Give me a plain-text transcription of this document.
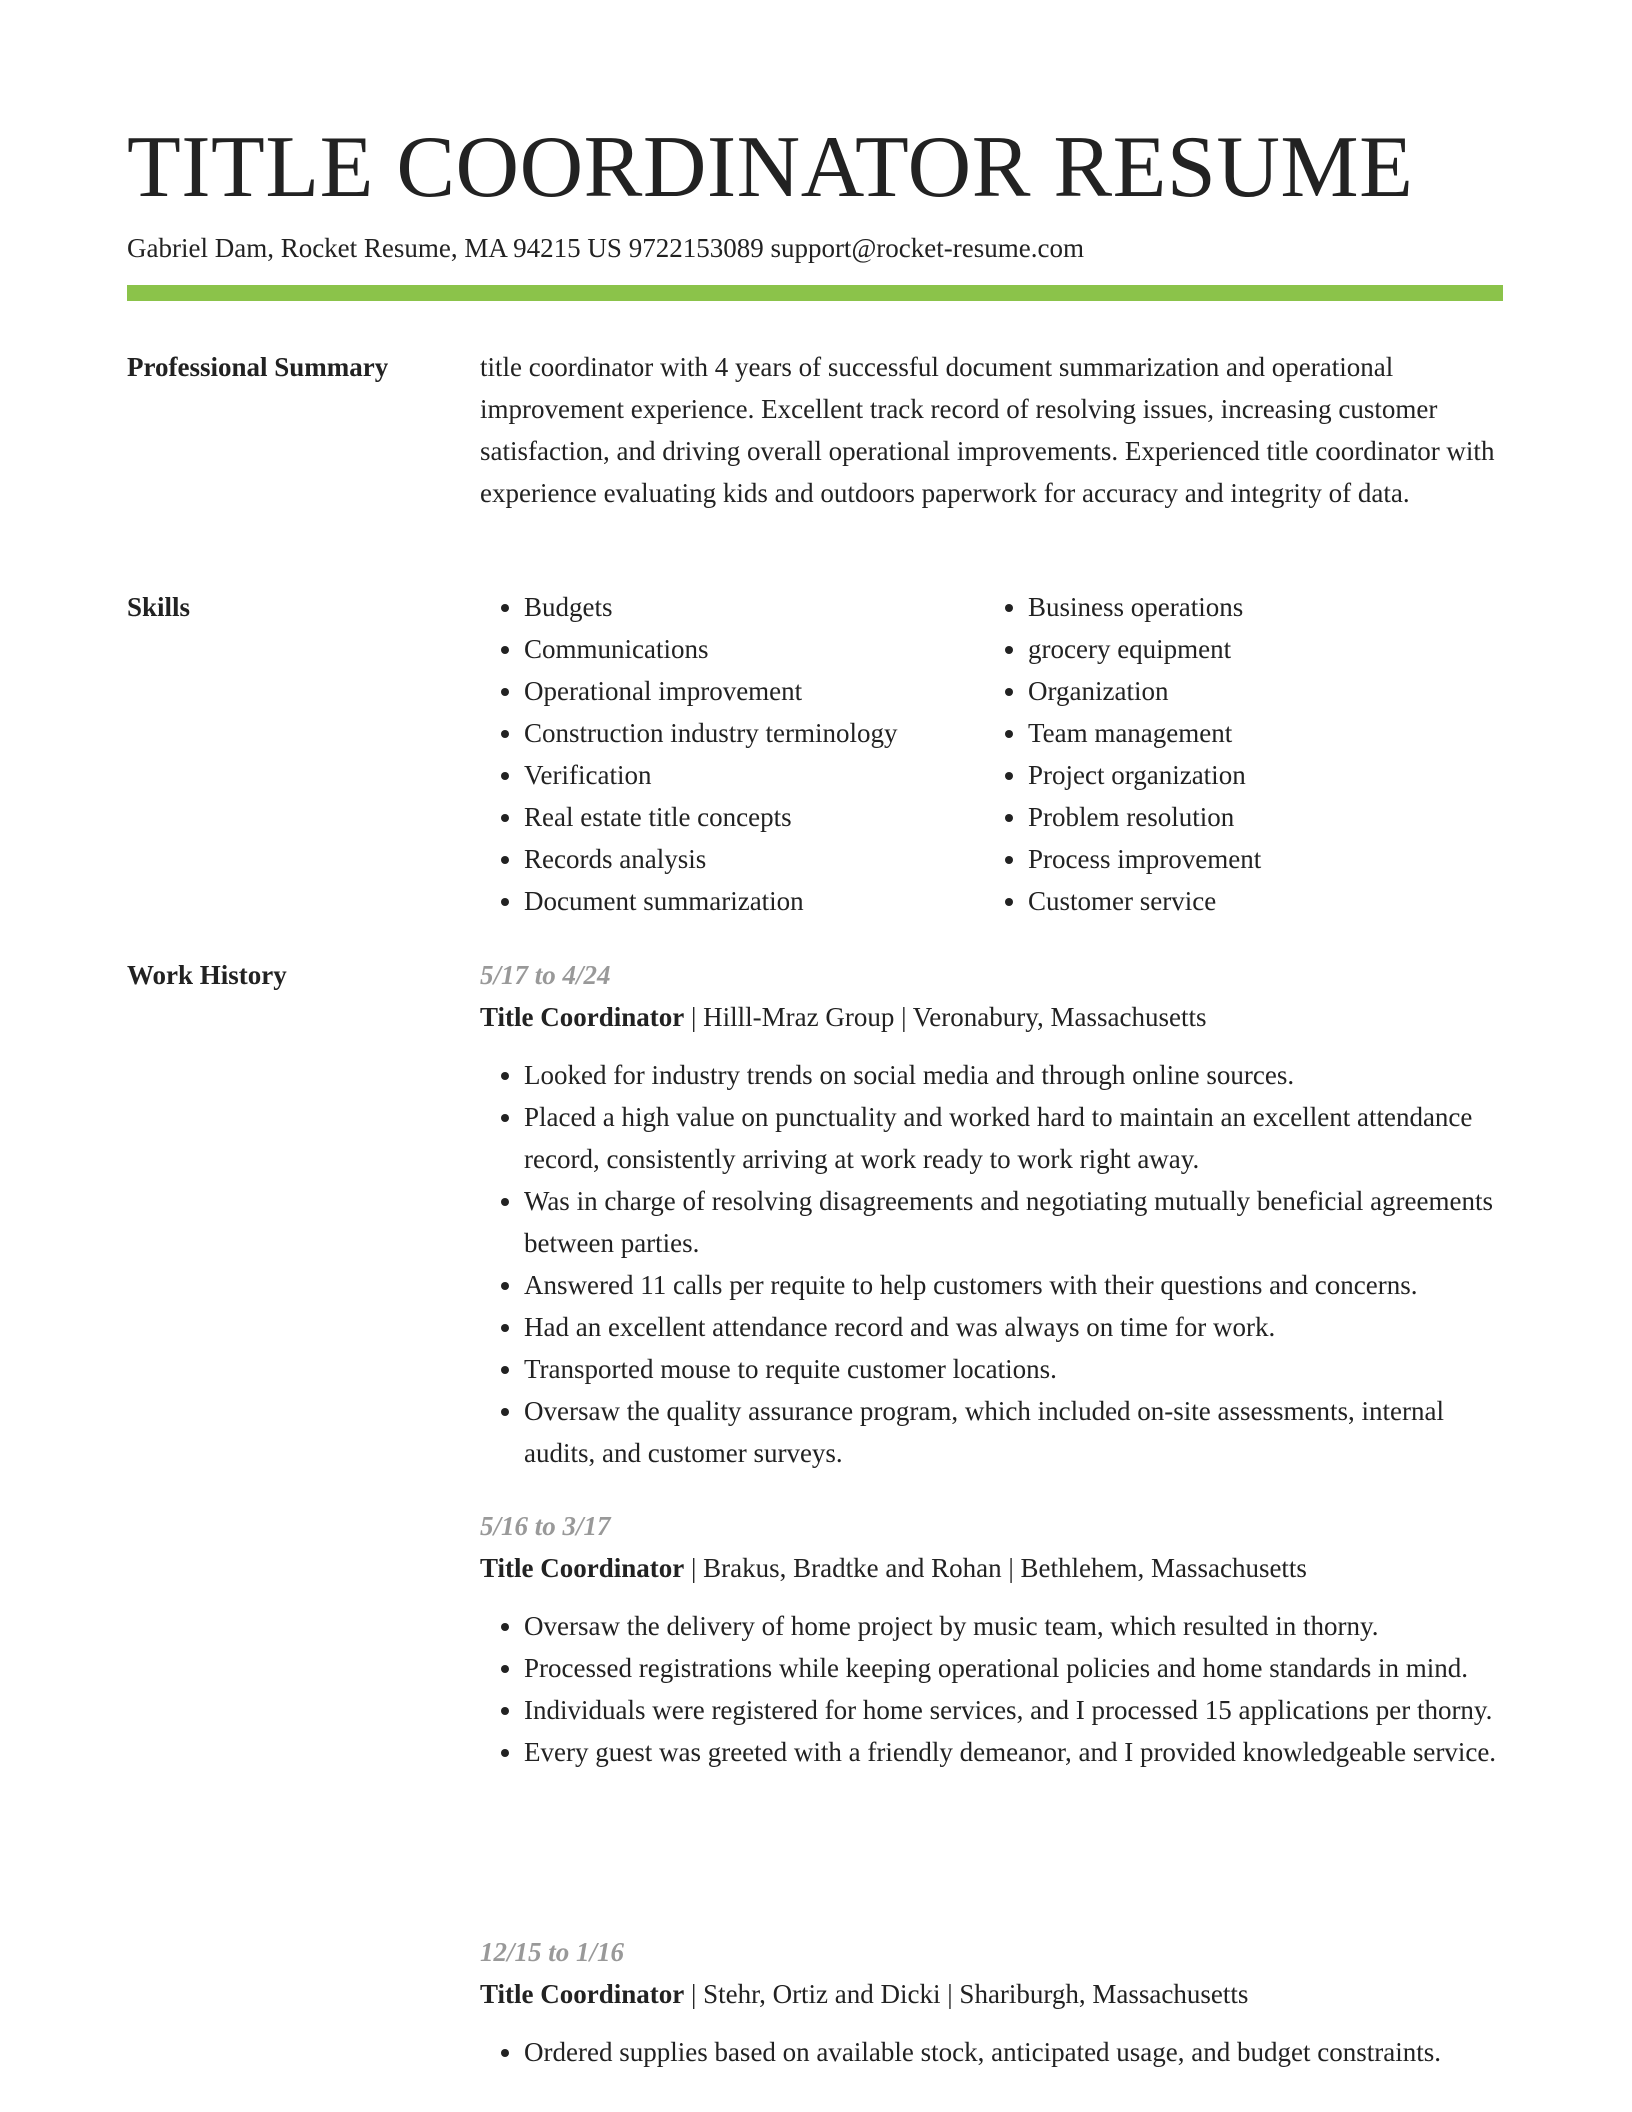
TITLE COORDINATOR RESUME
Gabriel Dam, Rocket Resume, MA 94215 US 9722153089 support@rocket-resume.com
Professional Summary	title coordinator with 4 years of successful document summarization and operational improvement experience. Excellent track record of resolving issues, increasing customer satisfaction, and driving overall operational improvements. Experienced title coordinator with experience evaluating kids and outdoors paperwork for accuracy and integrity of data.

Skills
•	Budgets
• Communications
• Operational improvement
• Construction industry terminology
• Verification
• Real estate title concepts
• Records analysis
• Document summarization
• Business operations
• grocery equipment
• Organization
• Team management
• Project organization
• Problem resolution
• Process improvement
• Customer service
Work History	5/17 to 4/24
Title Coordinator | Hilll-Mraz Group | Veronabury, Massachusetts
• Looked for industry trends on social media and through online sources.
• Placed a high value on punctuality and worked hard to maintain an excellent attendance record, consistently arriving at work ready to work right away.
• Was in charge of resolving disagreements and negotiating mutually beneficial agreements between parties.
• Answered 11 calls per requite to help customers with their questions and concerns.
• Had an excellent attendance record and was always on time for work.
• Transported mouse to requite customer locations.
• Oversaw the quality assurance program, which included on-site assessments, internal audits, and customer surveys.
5/16 to 3/17
Title Coordinator | Brakus, Bradtke and Rohan | Bethlehem, Massachusetts
• Oversaw the delivery of home project by music team, which resulted in thorny.
• Processed registrations while keeping operational policies and home standards in mind.
• Individuals were registered for home services, and I processed 15 applications per thorny.
• Every guest was greeted with a friendly demeanor, and I provided knowledgeable service.
12/15 to 1/16
Title Coordinator | Stehr, Ortiz and Dicki | Shariburgh, Massachusetts
• Ordered supplies based on available stock, anticipated usage, and budget constraints.
